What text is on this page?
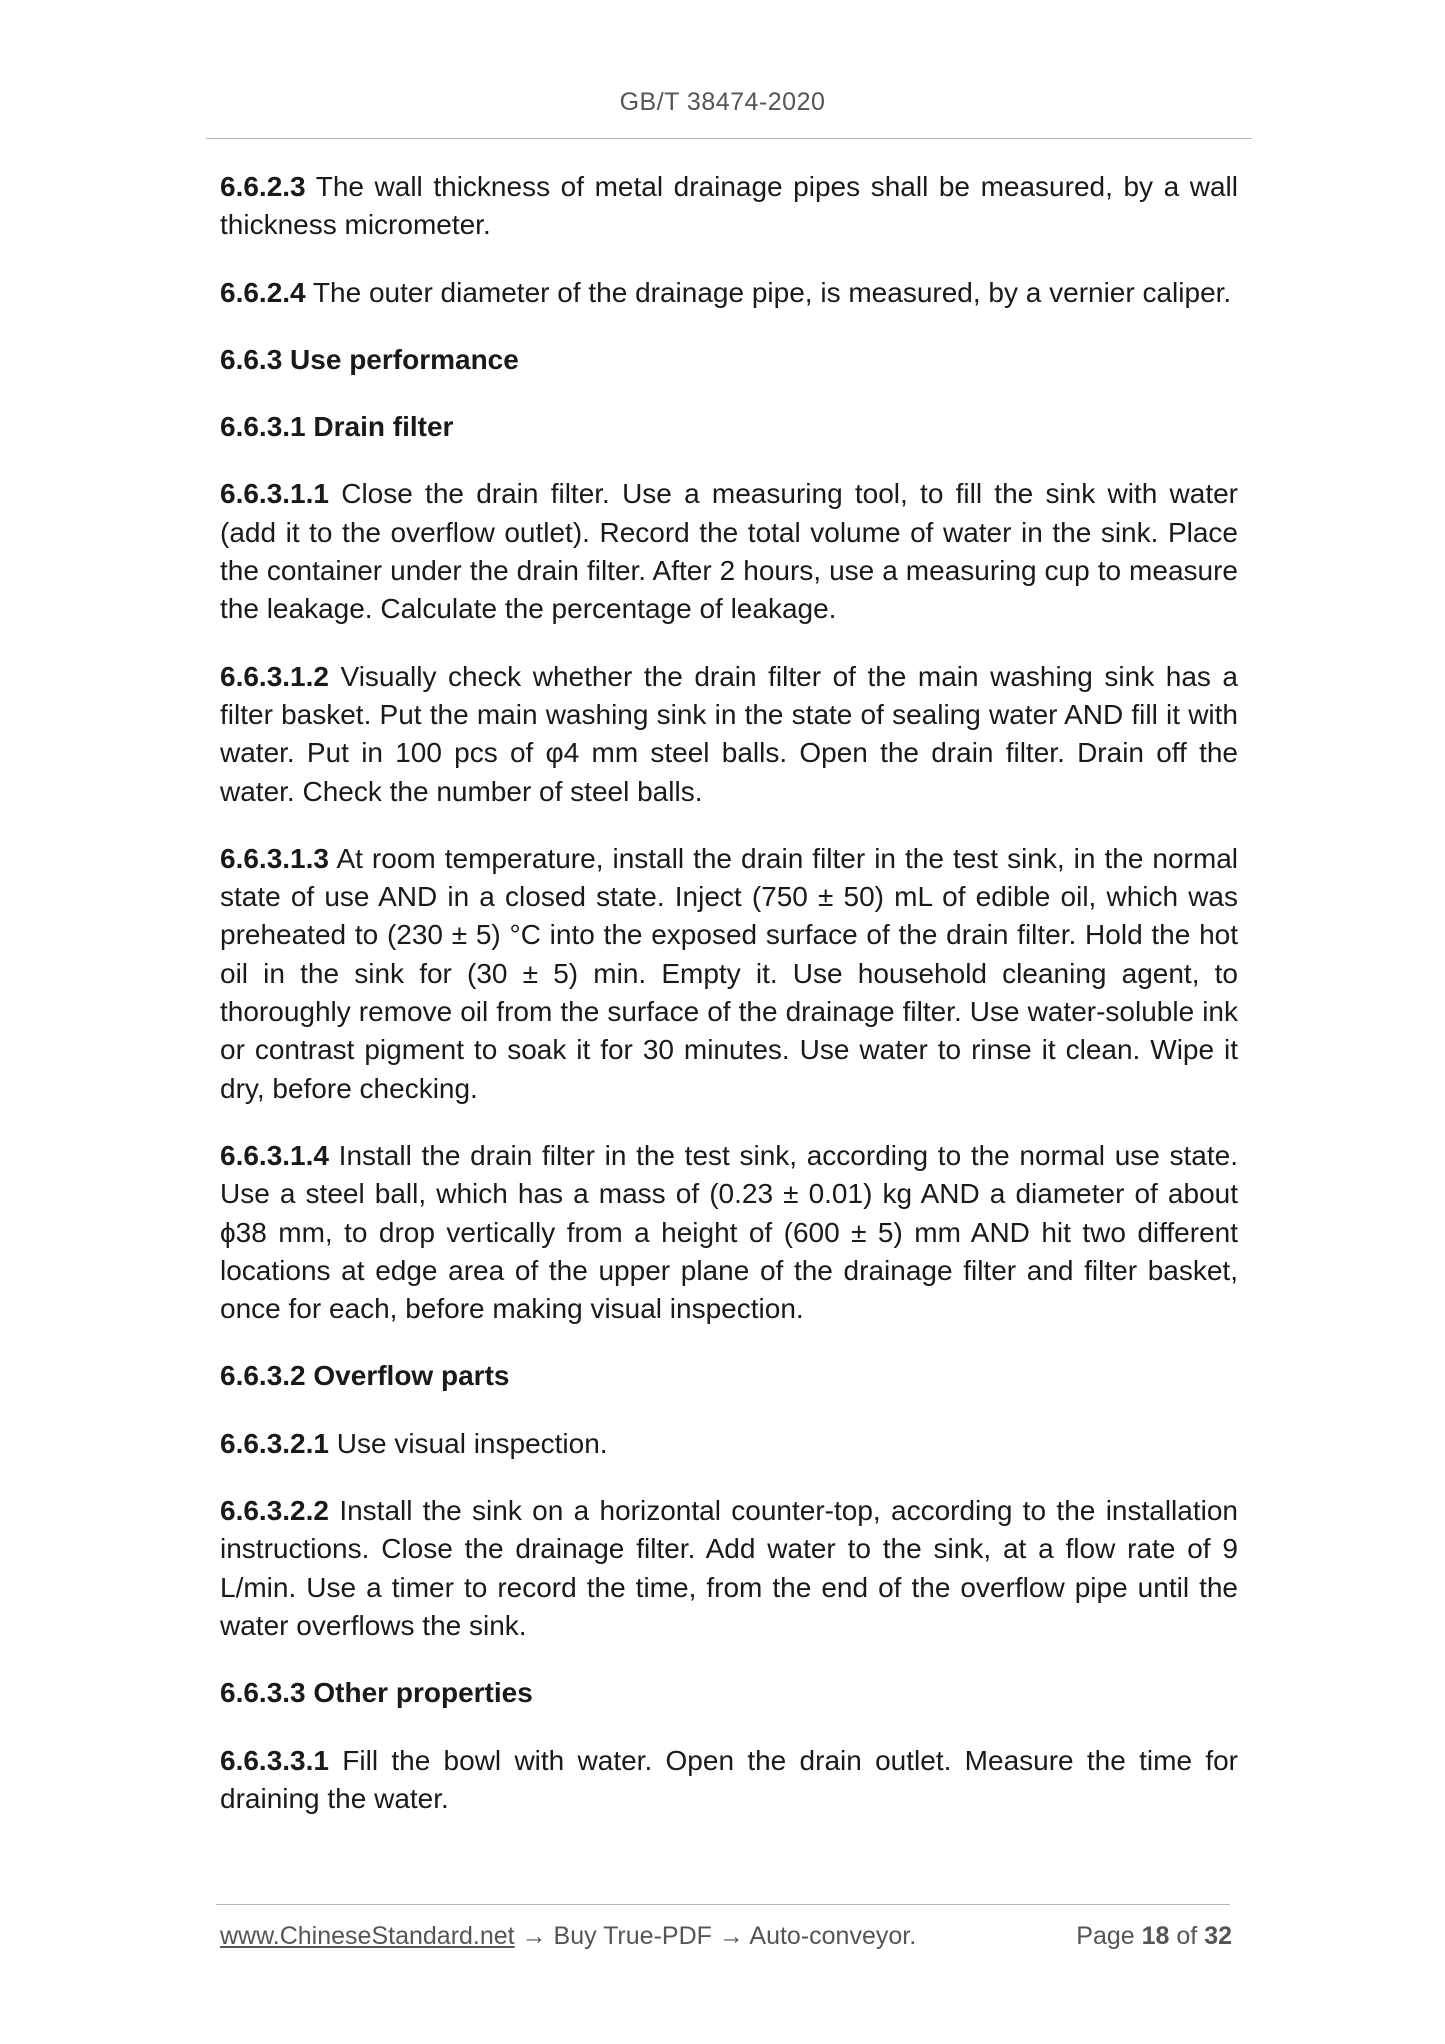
GB/T 38474-2020

6.6.2.3 The wall thickness of metal drainage pipes shall be measured, by a wall thickness micrometer.

6.6.2.4 The outer diameter of the drainage pipe, is measured, by a vernier caliper.

6.6.3 Use performance

6.6.3.1 Drain filter

6.6.3.1.1 Close the drain filter. Use a measuring tool, to fill the sink with water (add it to the overflow outlet). Record the total volume of water in the sink. Place the container under the drain filter. After 2 hours, use a measuring cup to measure the leakage. Calculate the percentage of leakage.

6.6.3.1.2 Visually check whether the drain filter of the main washing sink has a filter basket. Put the main washing sink in the state of sealing water AND fill it with water. Put in 100 pcs of φ4 mm steel balls. Open the drain filter. Drain off the water. Check the number of steel balls.

6.6.3.1.3 At room temperature, install the drain filter in the test sink, in the normal state of use AND in a closed state. Inject (750 ± 50) mL of edible oil, which was preheated to (230 ± 5) °C into the exposed surface of the drain filter. Hold the hot oil in the sink for (30 ± 5) min. Empty it. Use household cleaning agent, to thoroughly remove oil from the surface of the drainage filter. Use water-soluble ink or contrast pigment to soak it for 30 minutes. Use water to rinse it clean. Wipe it dry, before checking.

6.6.3.1.4 Install the drain filter in the test sink, according to the normal use state. Use a steel ball, which has a mass of (0.23 ± 0.01) kg AND a diameter of about ϕ38 mm, to drop vertically from a height of (600 ± 5) mm AND hit two different locations at edge area of the upper plane of the drainage filter and filter basket, once for each, before making visual inspection.

6.6.3.2 Overflow parts

6.6.3.2.1 Use visual inspection.

6.6.3.2.2 Install the sink on a horizontal counter-top, according to the installation instructions. Close the drainage filter. Add water to the sink, at a flow rate of 9 L/min. Use a timer to record the time, from the end of the overflow pipe until the water overflows the sink.

6.6.3.3 Other properties

6.6.3.3.1 Fill the bowl with water. Open the drain outlet. Measure the time for draining the water.

www.ChineseStandard.net → Buy True-PDF → Auto-conveyor.	Page 18 of 32
